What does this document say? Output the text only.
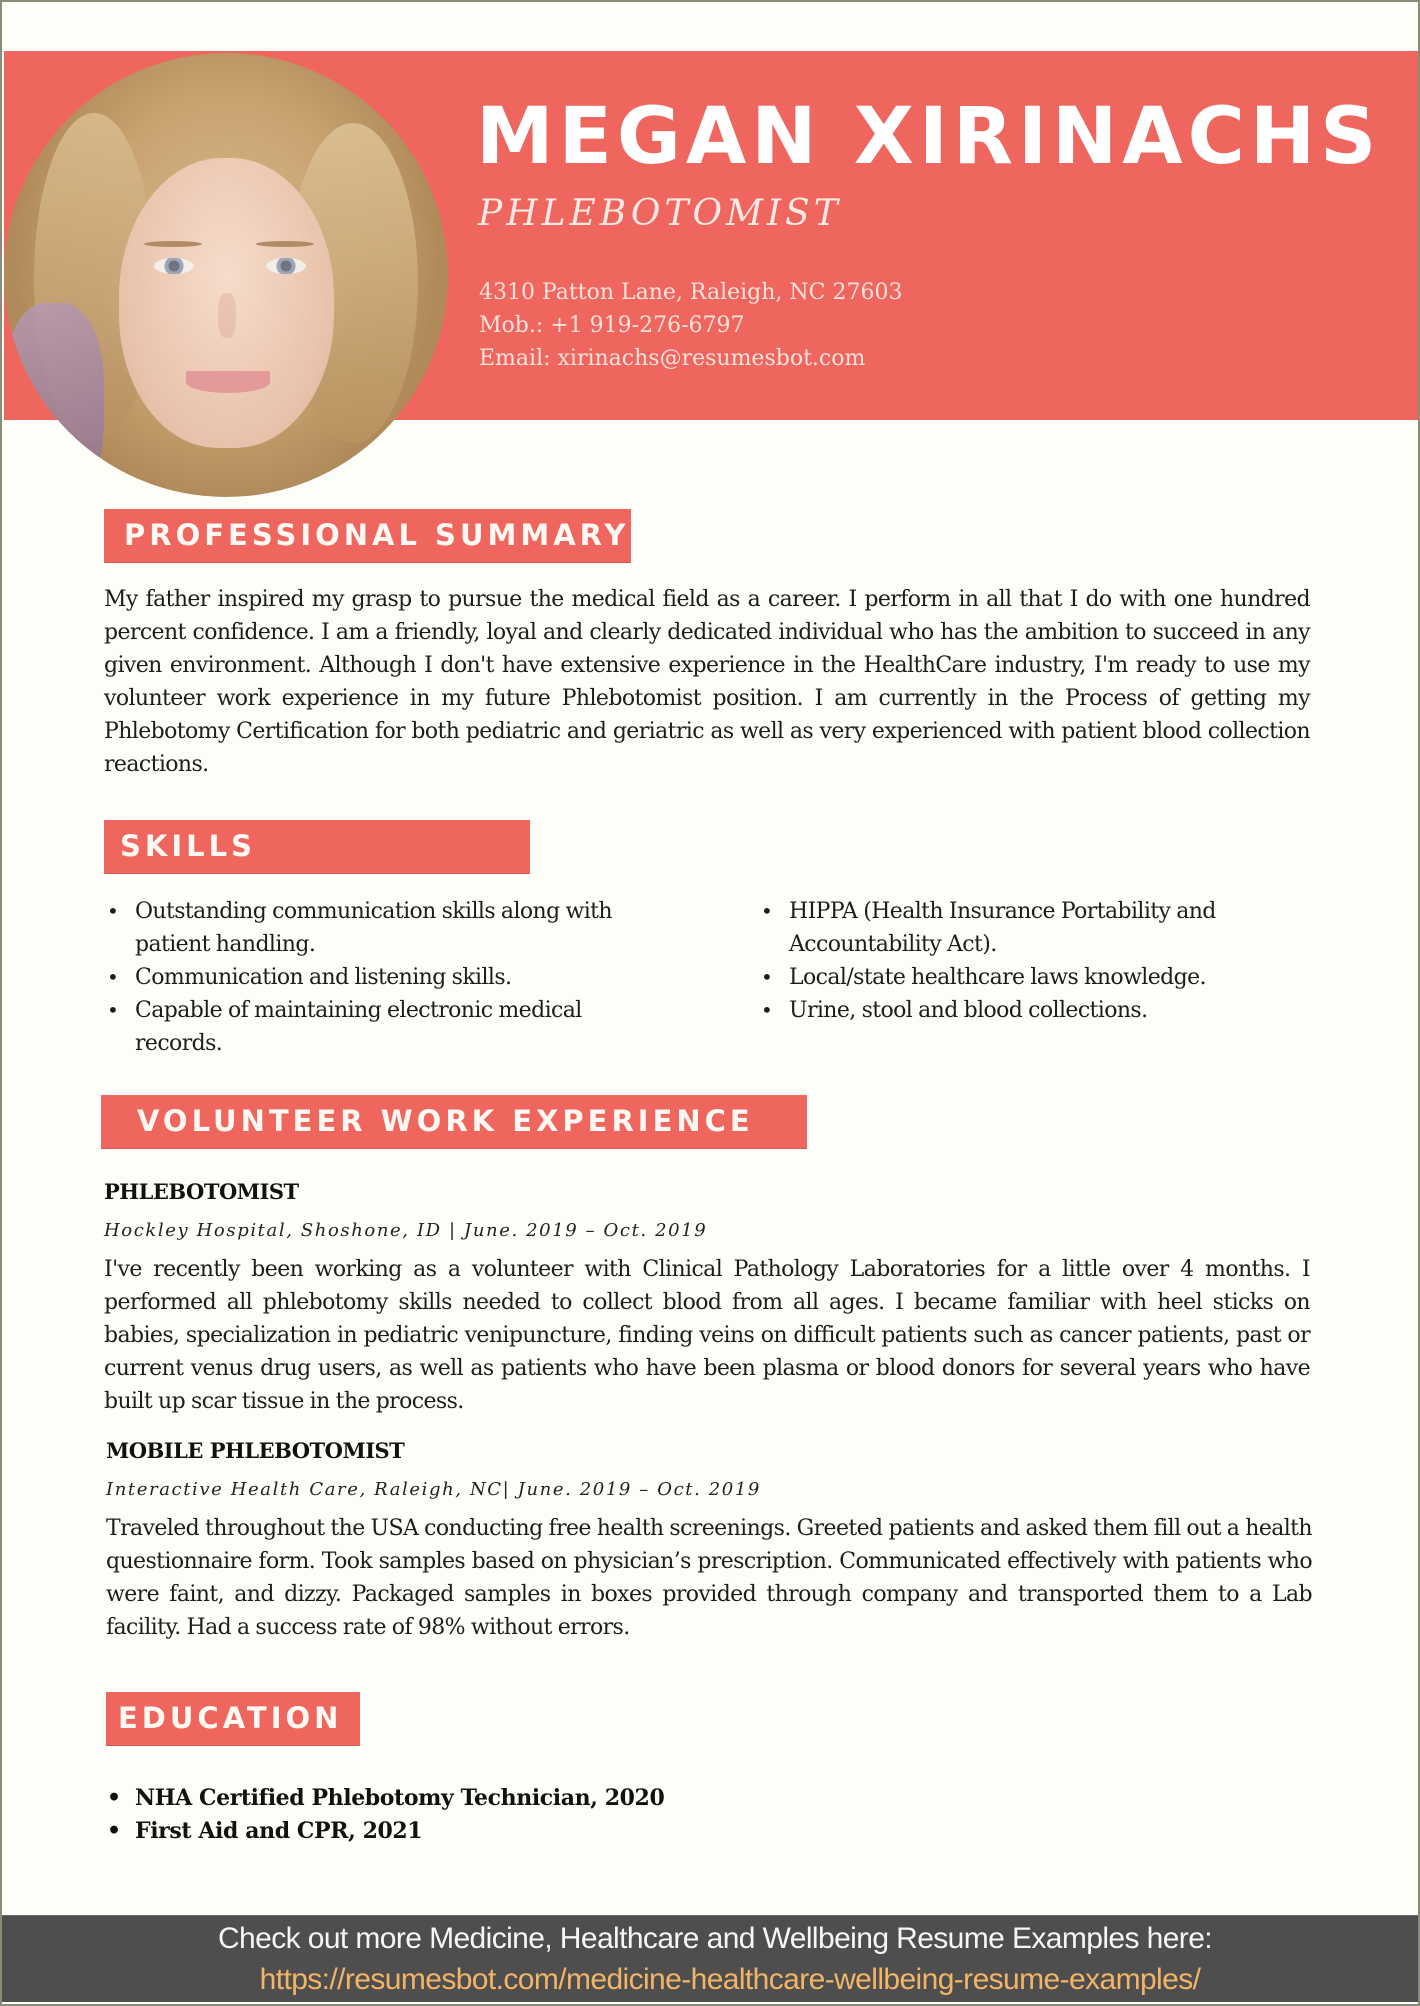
MEGAN XIRINACHS
PHLEBOTOMIST
4310 Patton Lane, Raleigh, NC 27603
Mob.: +1 919-276-6797
Email: xirinachs@resumesbot.com
PROFESSIONAL SUMMARY
My father inspired my grasp to pursue the medical field as a career. I perform in all that I do with one hundred percent confidence. I am a friendly, loyal and clearly dedicated individual who has the ambition to succeed in any given environment. Although I don't have extensive experience in the HealthCare industry, I'm ready to use my volunteer work experience in my future Phlebotomist position. I am currently in the Process of getting my Phlebotomy Certification for both pediatric and geriatric as well as very experienced with patient blood collection reactions.
SKILLS
• Outstanding communication skills along with patient handling.
• Communication and listening skills.
• Capable of maintaining electronic medical records.
• HIPPA (Health Insurance Portability and Accountability Act).
• Local/state healthcare laws knowledge.
• Urine, stool and blood collections.
VOLUNTEER WORK EXPERIENCE
PHLEBOTOMIST
Hockley Hospital, Shoshone, ID | June. 2019 – Oct. 2019
I've recently been working as a volunteer with Clinical Pathology Laboratories for a little over 4 months. I performed all phlebotomy skills needed to collect blood from all ages. I became familiar with heel sticks on babies, specialization in pediatric venipuncture, finding veins on difficult patients such as cancer patients, past or current venus drug users, as well as patients who have been plasma or blood donors for several years who have built up scar tissue in the process.
MOBILE PHLEBOTOMIST
Interactive Health Care, Raleigh, NC| June. 2019 – Oct. 2019
Traveled throughout the USA conducting free health screenings. Greeted patients and asked them fill out a health questionnaire form. Took samples based on physician’s prescription. Communicated effectively with patients who were faint, and dizzy. Packaged samples in boxes provided through company and transported them to a Lab facility. Had a success rate of 98% without errors.
EDUCATION
• NHA Certified Phlebotomy Technician, 2020
• First Aid and CPR, 2021
Check out more Medicine, Healthcare and Wellbeing Resume Examples here:
https://resumesbot.com/medicine-healthcare-wellbeing-resume-examples/
